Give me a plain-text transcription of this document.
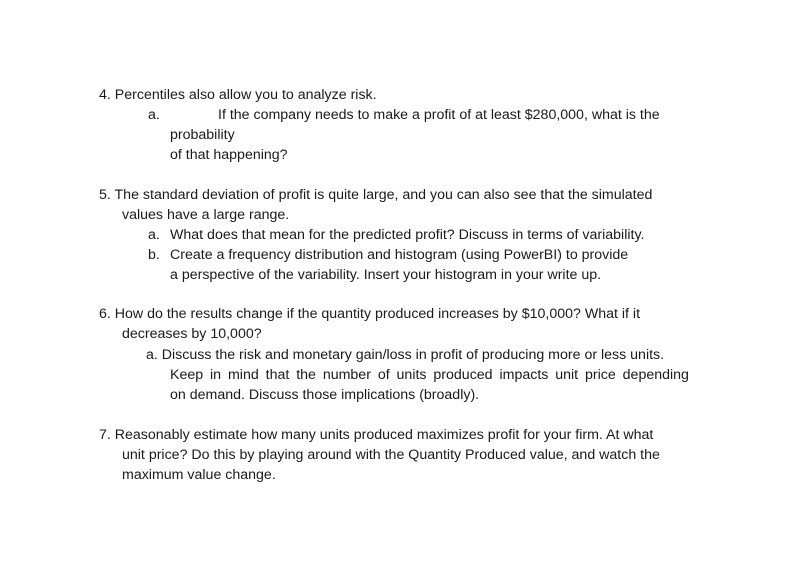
4. Percentiles also allow you to analyze risk.
a.	If the company needs to make a profit of at least $280,000, what is the
probability
of that happening?
5. The standard deviation of profit is quite large, and you can also see that the simulated
values have a large range.
a. What does that mean for the predicted profit? Discuss in terms of variability.
b. Create a frequency distribution and histogram (using PowerBI) to provide
a perspective of the variability. Insert your histogram in your write up.
6. How do the results change if the quantity produced increases by $10,000? What if it
decreases by 10,000?
a. Discuss the risk and monetary gain/loss in profit of producing more or less units.
Keep in mind that the number of units produced impacts unit price depending
on demand. Discuss those implications (broadly).
7. Reasonably estimate how many units produced maximizes profit for your firm. At what
unit price? Do this by playing around with the Quantity Produced value, and watch the
maximum value change.
